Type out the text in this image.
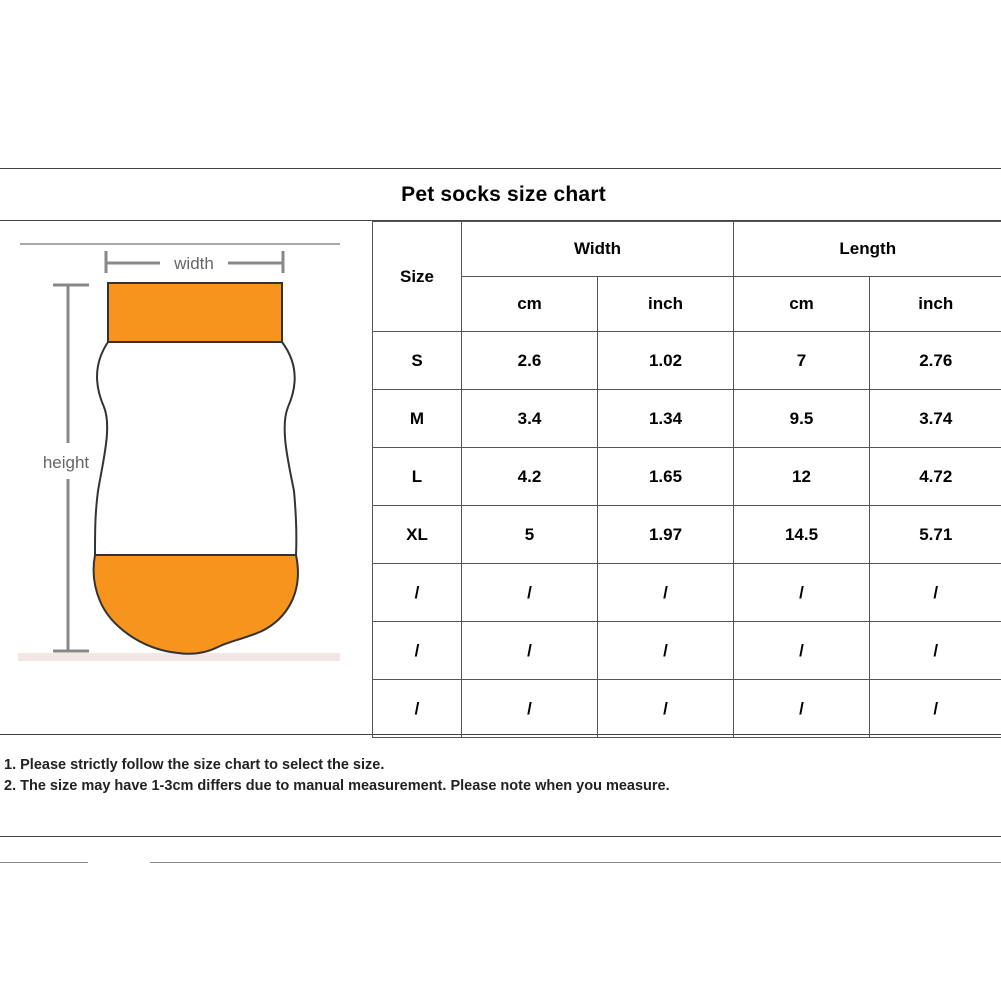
Pet socks size chart
width
height
Size	Width		Length	
	cm	inch	cm	inch
S	2.6	1.02	7	2.76
M	3.4	1.34	9.5	3.74
L	4.2	1.65	12	4.72
XL	5	1.97	14.5	5.71
/	/	/	/	/
/	/	/	/	/
/	/	/	/	/
1. Please strictly follow the size chart to select the size.
2. The size may have 1-3cm differs due to manual measurement. Please note when you measure.
